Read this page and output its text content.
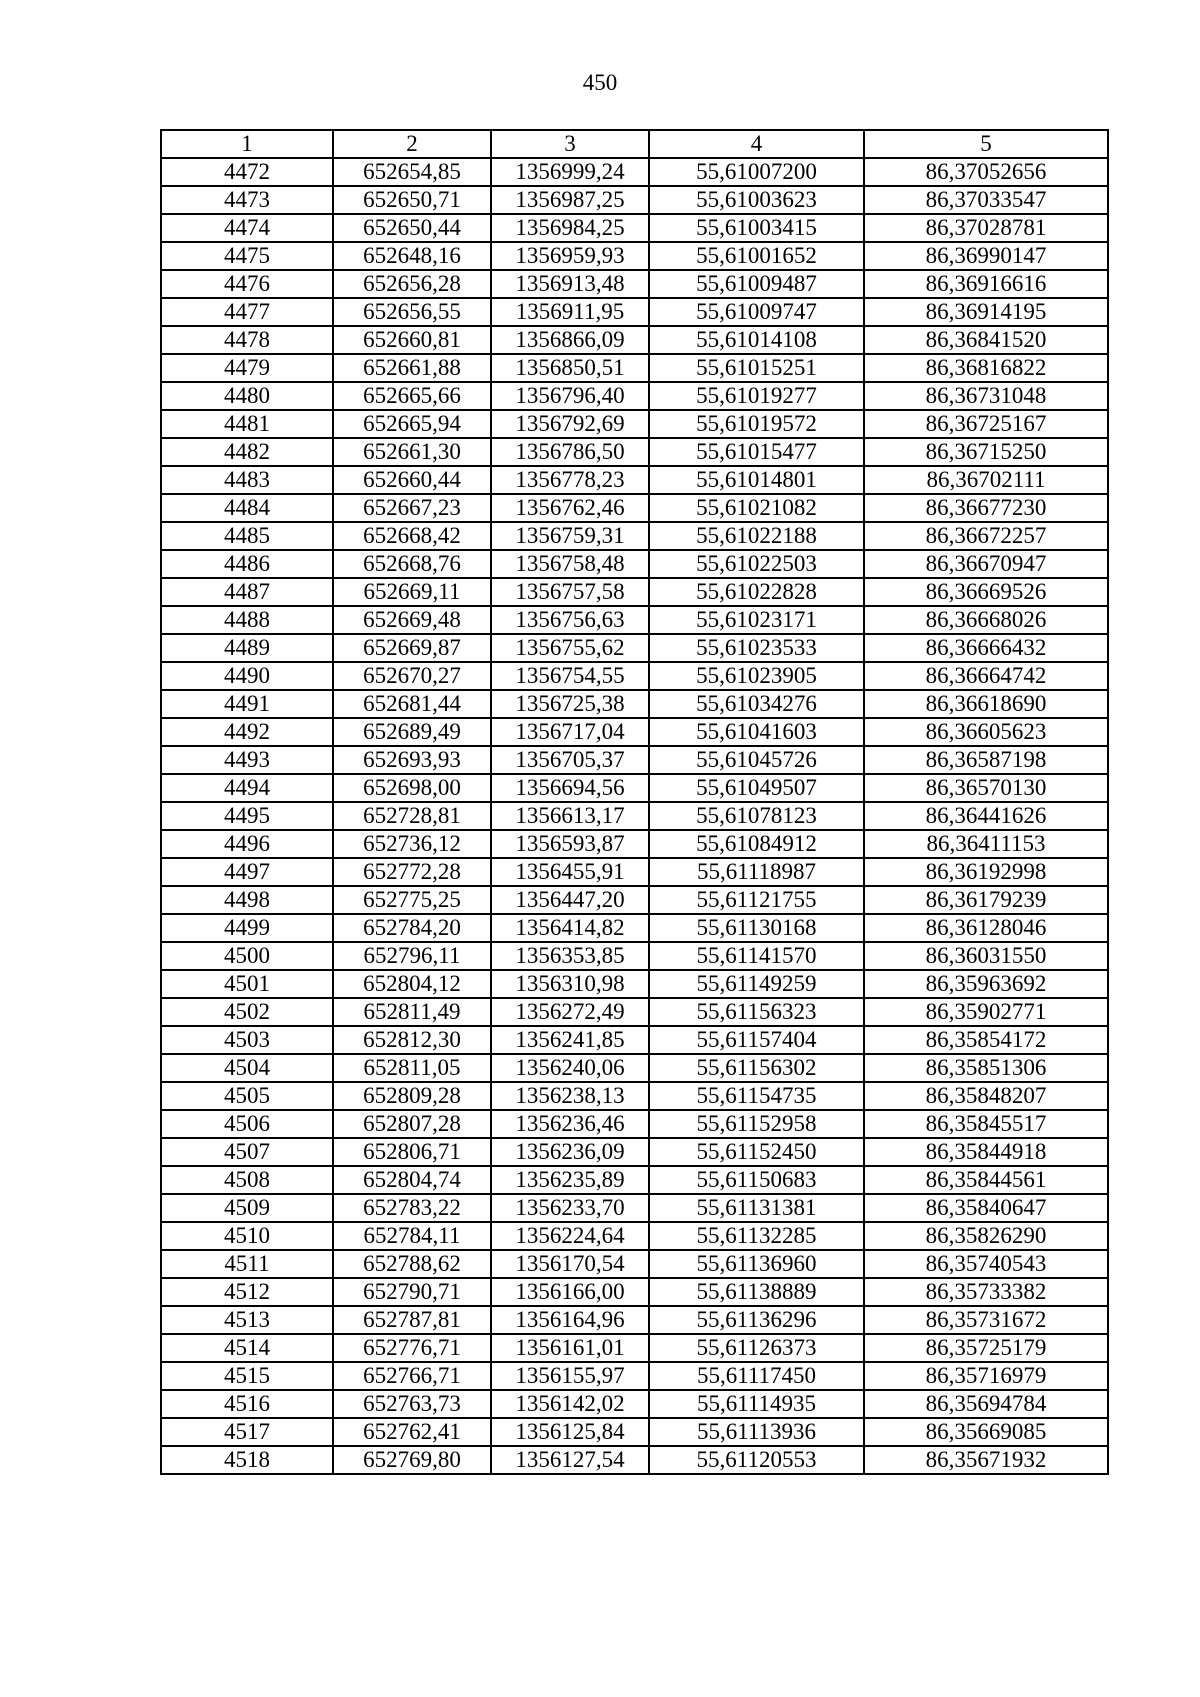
450
1	2	3	4	5
4472	652654,85	1356999,24	55,61007200	86,37052656
4473	652650,71	1356987,25	55,61003623	86,37033547
4474	652650,44	1356984,25	55,61003415	86,37028781
4475	652648,16	1356959,93	55,61001652	86,36990147
4476	652656,28	1356913,48	55,61009487	86,36916616
4477	652656,55	1356911,95	55,61009747	86,36914195
4478	652660,81	1356866,09	55,61014108	86,36841520
4479	652661,88	1356850,51	55,61015251	86,36816822
4480	652665,66	1356796,40	55,61019277	86,36731048
4481	652665,94	1356792,69	55,61019572	86,36725167
4482	652661,30	1356786,50	55,61015477	86,36715250
4483	652660,44	1356778,23	55,61014801	86,36702111
4484	652667,23	1356762,46	55,61021082	86,36677230
4485	652668,42	1356759,31	55,61022188	86,36672257
4486	652668,76	1356758,48	55,61022503	86,36670947
4487	652669,11	1356757,58	55,61022828	86,36669526
4488	652669,48	1356756,63	55,61023171	86,36668026
4489	652669,87	1356755,62	55,61023533	86,36666432
4490	652670,27	1356754,55	55,61023905	86,36664742
4491	652681,44	1356725,38	55,61034276	86,36618690
4492	652689,49	1356717,04	55,61041603	86,36605623
4493	652693,93	1356705,37	55,61045726	86,36587198
4494	652698,00	1356694,56	55,61049507	86,36570130
4495	652728,81	1356613,17	55,61078123	86,36441626
4496	652736,12	1356593,87	55,61084912	86,36411153
4497	652772,28	1356455,91	55,61118987	86,36192998
4498	652775,25	1356447,20	55,61121755	86,36179239
4499	652784,20	1356414,82	55,61130168	86,36128046
4500	652796,11	1356353,85	55,61141570	86,36031550
4501	652804,12	1356310,98	55,61149259	86,35963692
4502	652811,49	1356272,49	55,61156323	86,35902771
4503	652812,30	1356241,85	55,61157404	86,35854172
4504	652811,05	1356240,06	55,61156302	86,35851306
4505	652809,28	1356238,13	55,61154735	86,35848207
4506	652807,28	1356236,46	55,61152958	86,35845517
4507	652806,71	1356236,09	55,61152450	86,35844918
4508	652804,74	1356235,89	55,61150683	86,35844561
4509	652783,22	1356233,70	55,61131381	86,35840647
4510	652784,11	1356224,64	55,61132285	86,35826290
4511	652788,62	1356170,54	55,61136960	86,35740543
4512	652790,71	1356166,00	55,61138889	86,35733382
4513	652787,81	1356164,96	55,61136296	86,35731672
4514	652776,71	1356161,01	55,61126373	86,35725179
4515	652766,71	1356155,97	55,61117450	86,35716979
4516	652763,73	1356142,02	55,61114935	86,35694784
4517	652762,41	1356125,84	55,61113936	86,35669085
4518	652769,80	1356127,54	55,61120553	86,35671932
